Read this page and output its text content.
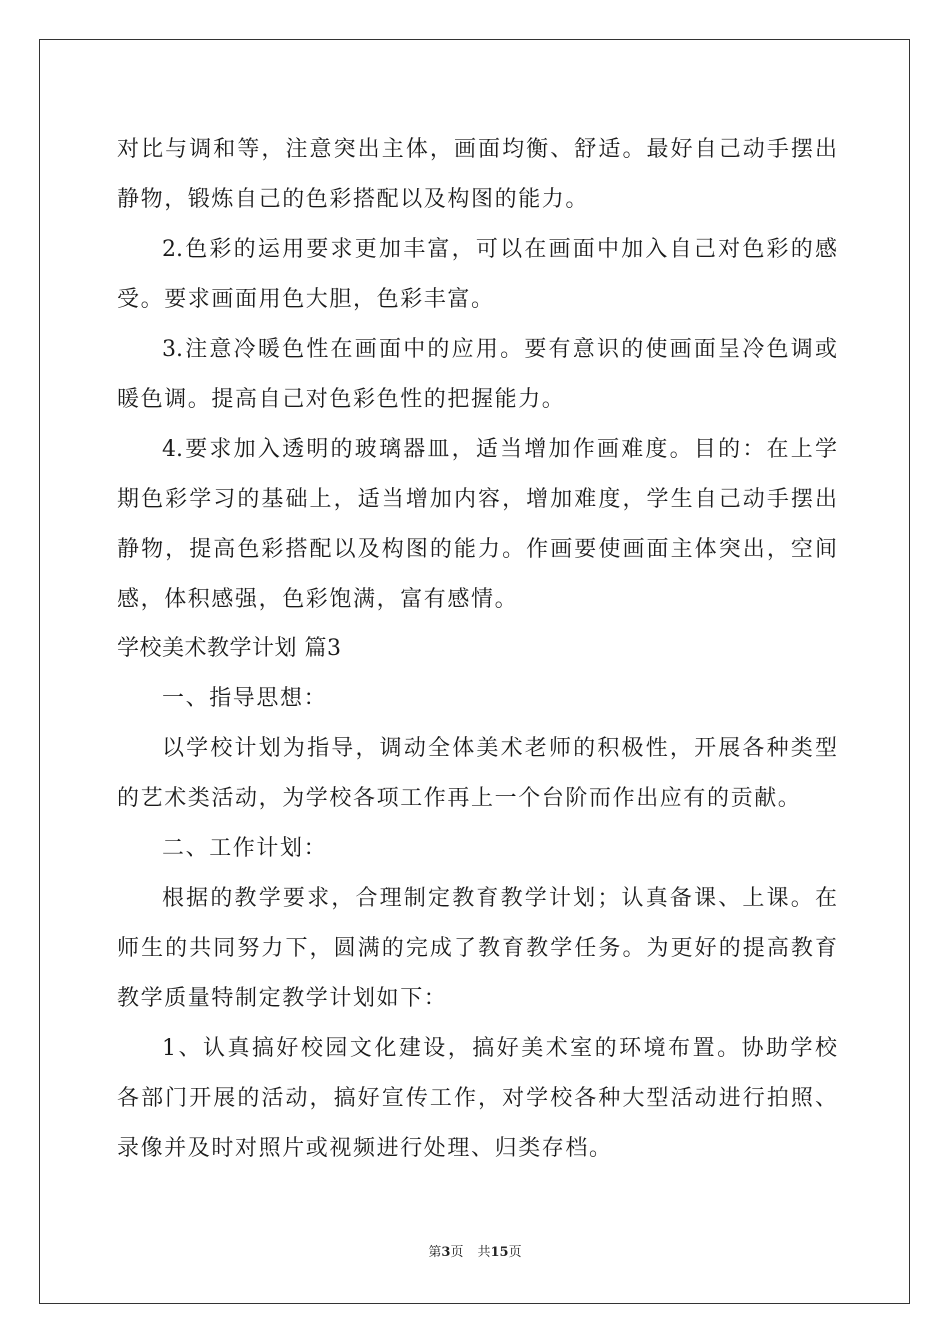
对比与调和等，注意突出主体，画面均衡、舒适。最好自己动手摆出
静物，锻炼自己的色彩搭配以及构图的能力。
2.色彩的运用要求更加丰富，可以在画面中加入自己对色彩的感
受。要求画面用色大胆，色彩丰富。
3.注意冷暖色性在画面中的应用。要有意识的使画面呈冷色调或
暖色调。提高自己对色彩色性的把握能力。
4.要求加入透明的玻璃器皿，适当增加作画难度。目的：在上学
期色彩学习的基础上，适当增加内容，增加难度，学生自己动手摆出
静物，提高色彩搭配以及构图的能力。作画要使画面主体突出，空间
感，体积感强，色彩饱满，富有感情。
学校美术教学计划 篇3
一、指导思想：
以学校计划为指导，调动全体美术老师的积极性，开展各种类型
的艺术类活动，为学校各项工作再上一个台阶而作出应有的贡献。
二、工作计划：
根据的教学要求，合理制定教育教学计划；认真备课、上课。在
师生的共同努力下，圆满的完成了教育教学任务。为更好的提高教育
教学质量特制定教学计划如下：
1、认真搞好校园文化建设，搞好美术室的环境布置。协助学校
各部门开展的活动，搞好宣传工作，对学校各种大型活动进行拍照、
录像并及时对照片或视频进行处理、归类存档。
第3页 共15页
